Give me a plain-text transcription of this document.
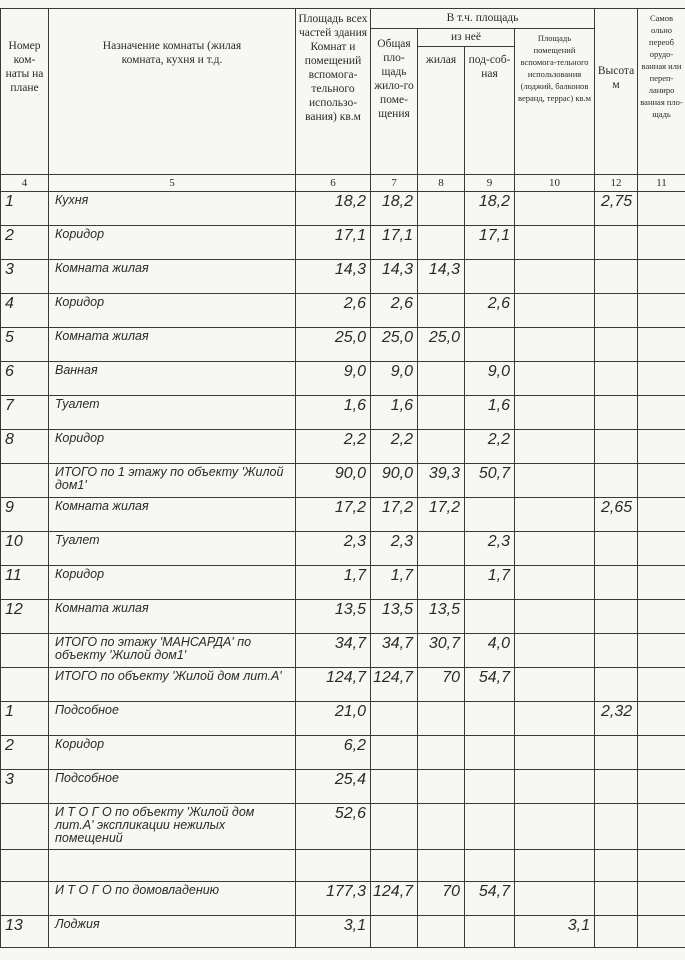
Номер ком-наты на плане	Назначение комнаты (жилая комната, кухня и т.д.	Площадь всех частей здания Комнат и помещений вспомога-тельного использо-вания) кв.м	В т.ч. площадь				Высота м	Самов ольно переоб орудо-ванная или переп-ланиро ванная пло-щадь
			Общая пло-щадь жило-го поме-щения	из неё		Площадь помещений вспомога-тельного использования (лоджий, балконов веранд, террас) кв.м		
				жилая	под-соб-ная			
4	5	6	7	8	9	10	12	11
1	Кухня	18,2	18,2		18,2		2,75	
2	Коридор	17,1	17,1		17,1			
3	Комната жилая	14,3	14,3	14,3				
4	Коридор	2,6	2,6		2,6			
5	Комната жилая	25,0	25,0	25,0				
6	Ванная	9,0	9,0		9,0			
7	Туалет	1,6	1,6		1,6			
8	Коридор	2,2	2,2		2,2			
	ИТОГО по 1 этажу по объекту 'Жилой дом1'	90,0	90,0	39,3	50,7			
9	Комната жилая	17,2	17,2	17,2			2,65	
10	Туалет	2,3	2,3		2,3			
11	Коридор	1,7	1,7		1,7			
12	Комната жилая	13,5	13,5	13,5				
	ИТОГО по этажу 'МАНСАРДА' по объекту 'Жилой дом1'	34,7	34,7	30,7	4,0			
	ИТОГО по объекту 'Жилой дом лит.А'	124,7	124,7	70	54,7			
1	Подсобное	21,0					2,32	
2	Коридор	6,2						
3	Подсобное	25,4						
	И Т О Г О по объекту 'Жилой дом лит.А' экспликации нежилых помещений	52,6						

	И Т О Г О по домовладению	177,3	124,7	70	54,7			
13	Лоджия	3,1				3,1		
